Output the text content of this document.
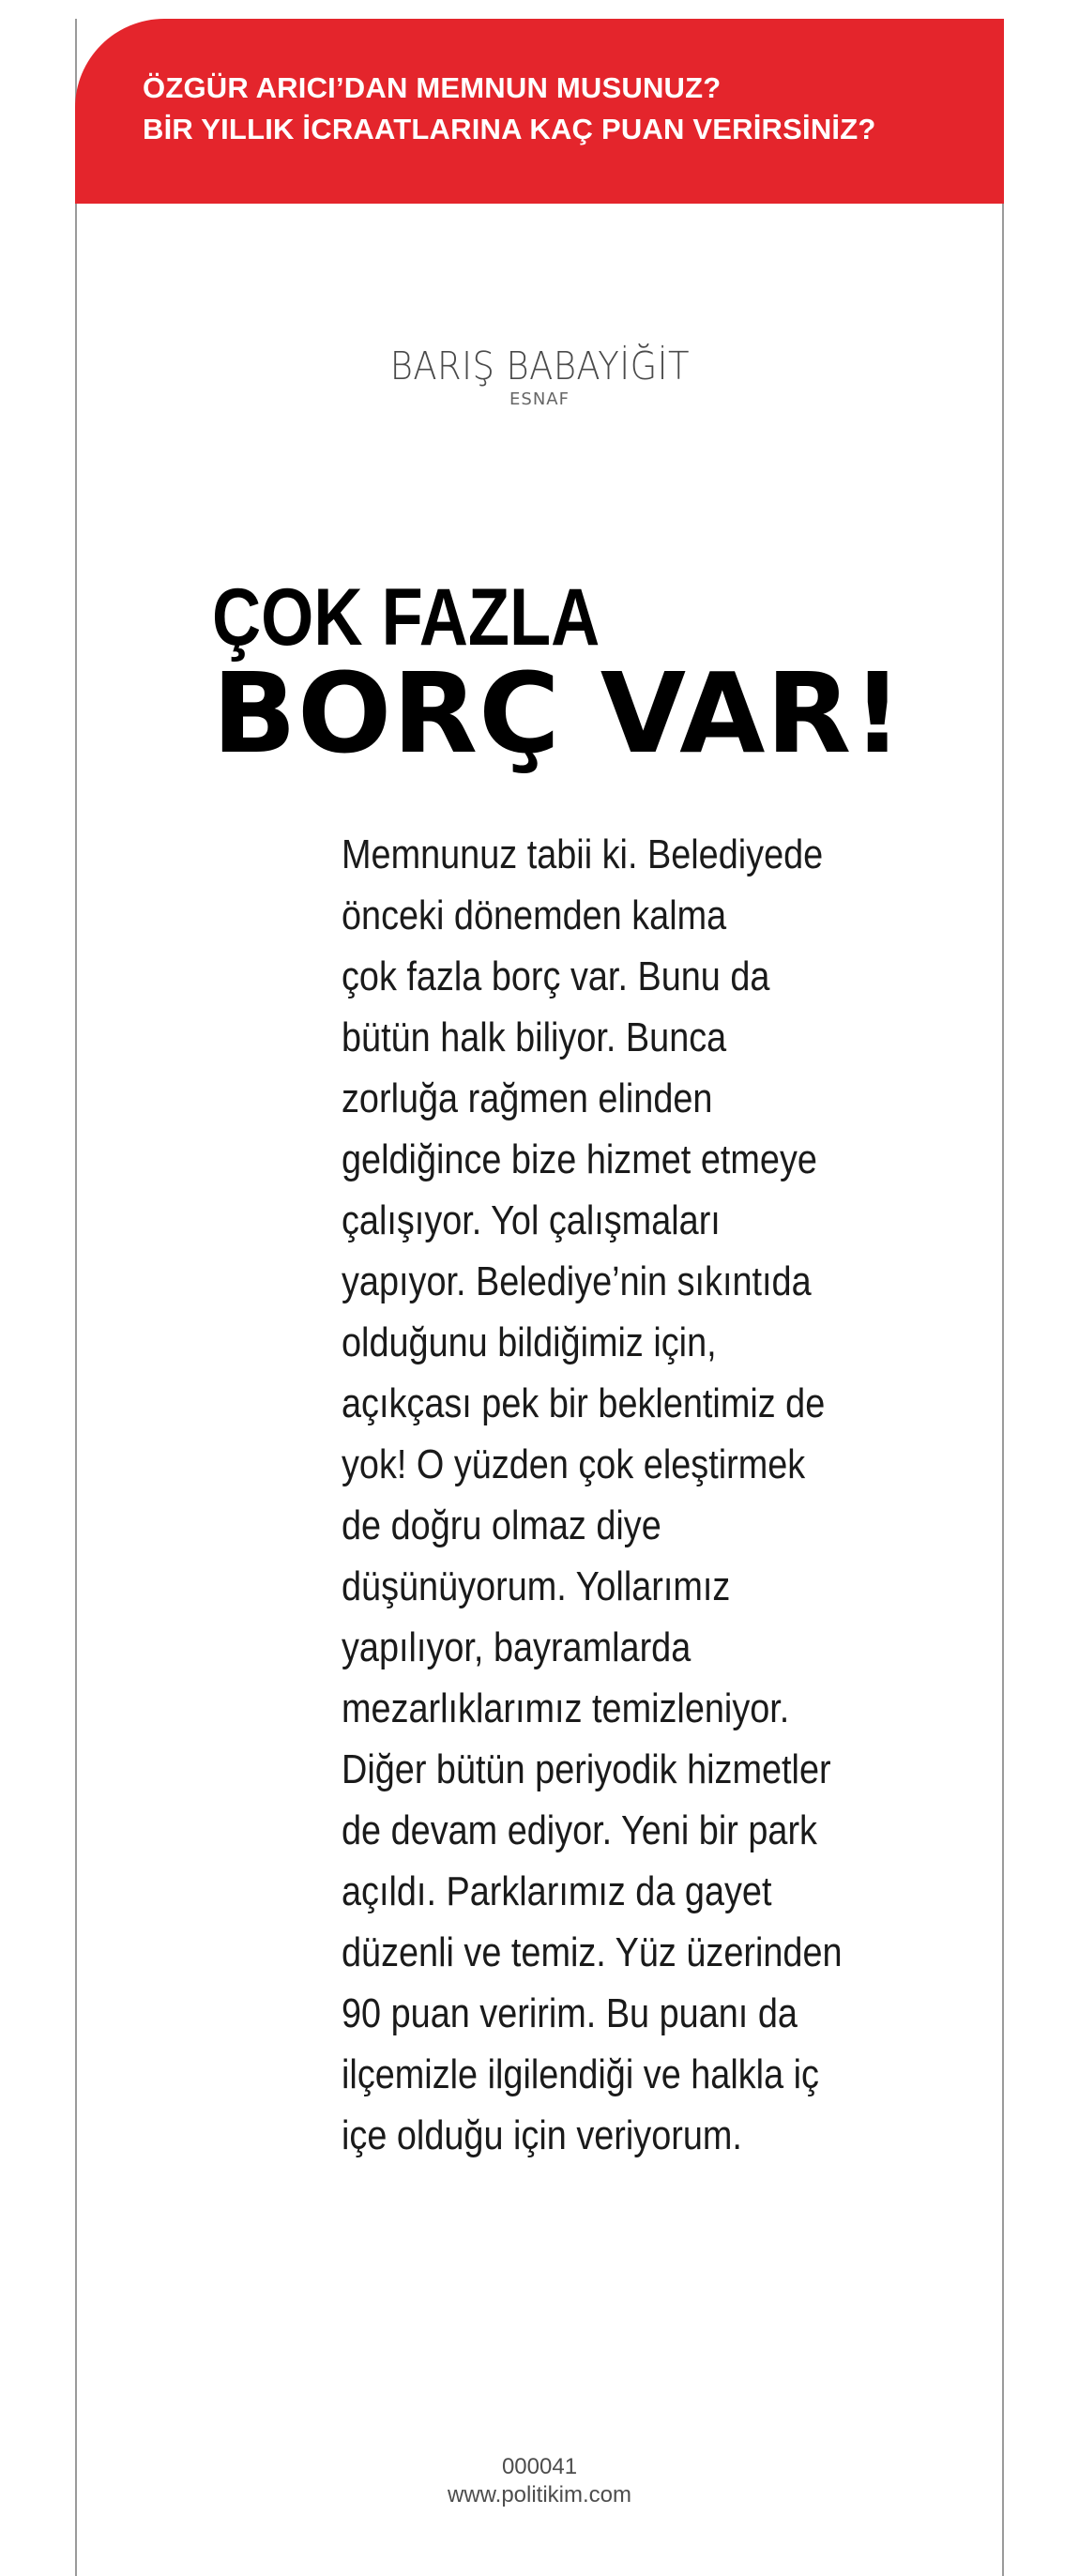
ÖZGÜR ARICI’DAN MEMNUN MUSUNUZ?
BİR YILLIK İCRAATLARINA KAÇ PUAN VERİRSİNİZ?
BARIŞ BABAYİĞİT
ESNAF
ÇOK FAZLA
BORÇ VAR!
Memnunuz tabii ki. Belediyede
önceki dönemden kalma
çok fazla borç var. Bunu da
bütün halk biliyor. Bunca
zorluğa rağmen elinden
geldiğince bize hizmet etmeye
çalışıyor. Yol çalışmaları
yapıyor. Belediye’nin sıkıntıda
olduğunu bildiğimiz için,
açıkçası pek bir beklentimiz de
yok! O yüzden çok eleştirmek
de doğru olmaz diye
düşünüyorum. Yollarımız
yapılıyor, bayramlarda
mezarlıklarımız temizleniyor.
Diğer bütün periyodik hizmetler
de devam ediyor. Yeni bir park
açıldı. Parklarımız da gayet
düzenli ve temiz. Yüz üzerinden
90 puan veririm. Bu puanı da
ilçemizle ilgilendiği ve halkla iç
içe olduğu için veriyorum.
000041
www.politikim.com
